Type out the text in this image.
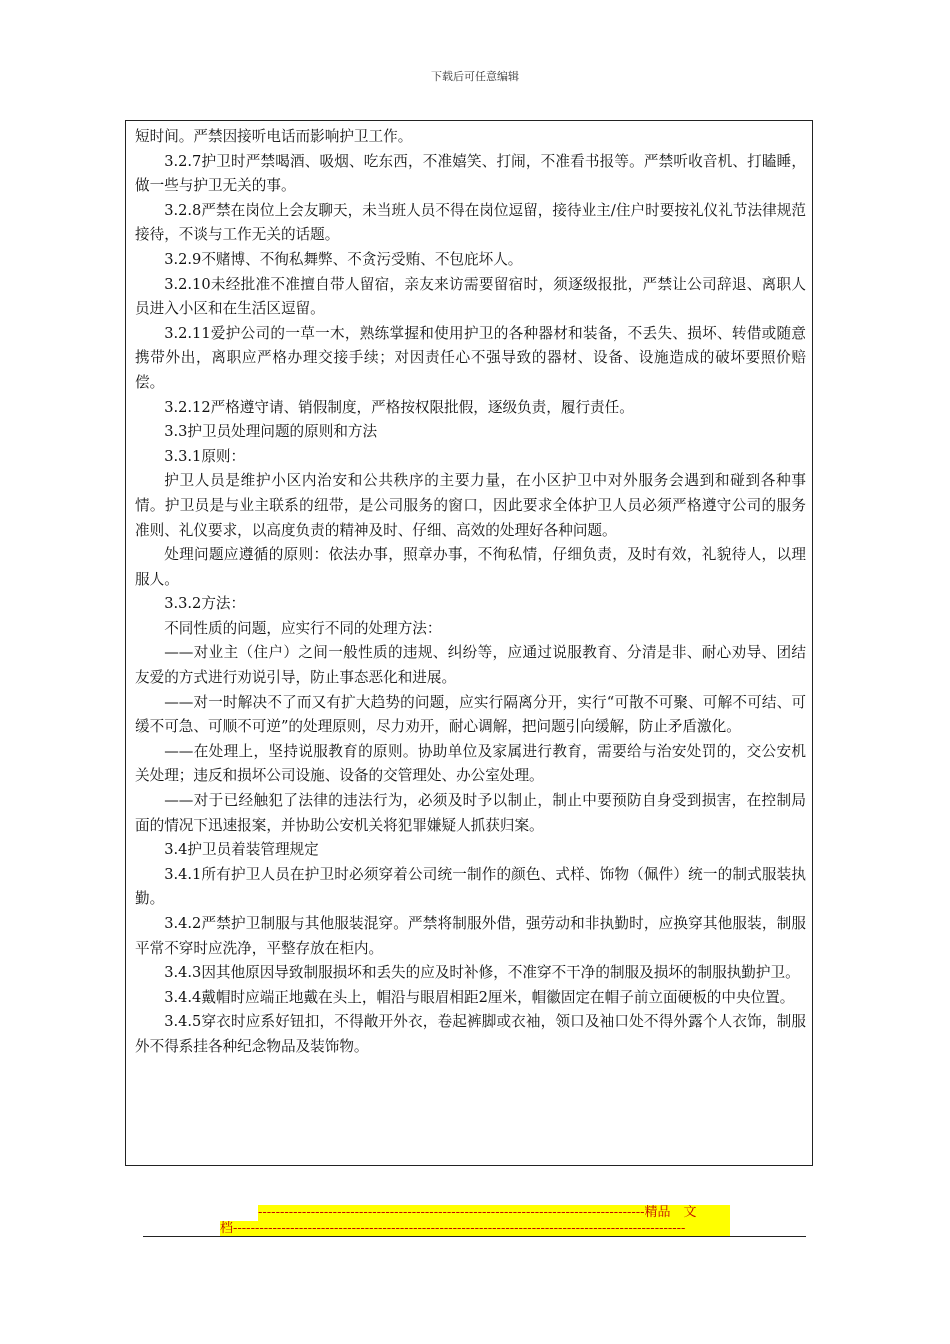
下载后可任意编辑

短时间。严禁因接听电话而影响护卫工作。

3.2.7护卫时严禁喝酒、吸烟、吃东西，不准嬉笑、打闹，不准看书报等。严禁听收音机、打瞌睡，做一些与护卫无关的事。

3.2.8严禁在岗位上会友聊天，未当班人员不得在岗位逗留，接待业主/住户时要按礼仪礼节法律规范接待，不谈与工作无关的话题。

3.2.9不赌博、不徇私舞弊、不贪污受贿、不包庇坏人。

3.2.10未经批准不准擅自带人留宿，亲友来访需要留宿时，须逐级报批，严禁让公司辞退、离职人员进入小区和在生活区逗留。

3.2.11爱护公司的一草一木，熟练掌握和使用护卫的各种器材和装备，不丢失、损坏、转借或随意携带外出，离职应严格办理交接手续；对因责任心不强导致的器材、设备、设施造成的破坏要照价赔偿。

3.2.12严格遵守请、销假制度，严格按权限批假，逐级负责，履行责任。

3.3护卫员处理问题的原则和方法

3.3.1原则：

护卫人员是维护小区内治安和公共秩序的主要力量，在小区护卫中对外服务会遇到和碰到各种事情。护卫员是与业主联系的纽带，是公司服务的窗口，因此要求全体护卫人员必须严格遵守公司的服务准则、礼仪要求，以高度负责的精神及时、仔细、高效的处理好各种问题。

处理问题应遵循的原则：依法办事，照章办事，不徇私情，仔细负责，及时有效，礼貌待人，以理服人。

3.3.2方法：

不同性质的问题，应实行不同的处理方法：

——对业主（住户）之间一般性质的违规、纠纷等，应通过说服教育、分清是非、耐心劝导、团结友爱的方式进行劝说引导，防止事态恶化和进展。

——对一时解决不了而又有扩大趋势的问题，应实行隔离分开，实行“可散不可聚、可解不可结、可缓不可急、可顺不可逆”的处理原则，尽力劝开，耐心调解，把问题引向缓解，防止矛盾激化。

——在处理上，坚持说服教育的原则。协助单位及家属进行教育，需要给与治安处罚的，交公安机关处理；违反和损坏公司设施、设备的交管理处、办公室处理。

——对于已经触犯了法律的违法行为，必须及时予以制止，制止中要预防自身受到损害，在控制局面的情况下迅速报案，并协助公安机关将犯罪嫌疑人抓获归案。

3.4护卫员着装管理规定

3.4.1所有护卫人员在护卫时必须穿着公司统一制作的颜色、式样、饰物（佩件）统一的制式服装执勤。

3.4.2严禁护卫制服与其他服装混穿。严禁将制服外借，强劳动和非执勤时，应换穿其他服装，制服平常不穿时应洗净，平整存放在柜内。

3.4.3因其他原因导致制服损坏和丢失的应及时补修，不准穿不干净的制服及损坏的制服执勤护卫。

3.4.4戴帽时应端正地戴在头上，帽沿与眼眉相距2厘米，帽徽固定在帽子前立面硬板的中央位置。

3.4.5穿衣时应系好钮扣，不得敞开外衣，卷起裤脚或衣袖，领口及袖口处不得外露个人衣饰，制服外不得系挂各种纪念物品及装饰物。

----------------------------------------------------------------------------------------精品　文
档-------------------------------------------------------------------------------------------------------
